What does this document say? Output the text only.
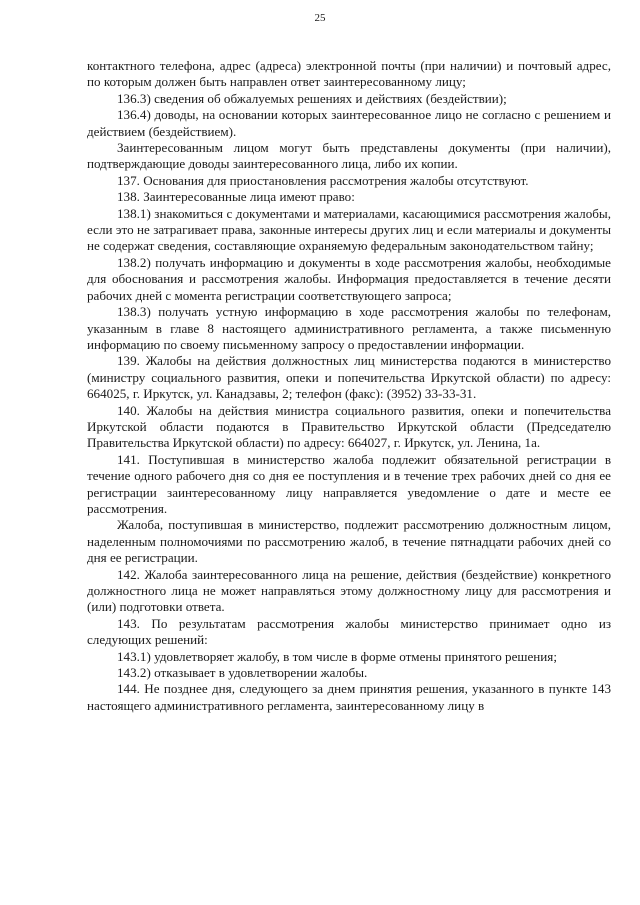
25

контактного телефона, адрес (адреса) электронной почты (при наличии) и почтовый адрес, по которым должен быть направлен ответ заинтересованному лицу;

136.3) сведения об обжалуемых решениях и действиях (бездействии);

136.4) доводы, на основании которых заинтересованное лицо не согласно с решением и действием (бездействием).

Заинтересованным лицом могут быть представлены документы (при наличии), подтверждающие доводы заинтересованного лица, либо их копии.

137. Основания для приостановления рассмотрения жалобы отсутствуют.

138. Заинтересованные лица имеют право:

138.1) знакомиться с документами и материалами, касающимися рассмотрения жалобы, если это не затрагивает права, законные интересы других лиц и если материалы и документы не содержат сведения, составляющие охраняемую федеральным законодательством тайну;

138.2) получать информацию и документы в ходе рассмотрения жалобы, необходимые для обоснования и рассмотрения жалобы. Информация предоставляется в течение десяти рабочих дней с момента регистрации соответствующего запроса;

138.3) получать устную информацию в ходе рассмотрения жалобы по телефонам, указанным в главе 8 настоящего административного регламента, а также письменную информацию по своему письменному запросу о предоставлении информации.

139. Жалобы на действия должностных лиц министерства подаются в министерство (министру социального развития, опеки и попечительства Иркутской области) по адресу: 664025, г. Иркутск, ул. Канадзавы, 2; телефон (факс): (3952) 33-33-31.

140. Жалобы на действия министра социального развития, опеки и попечительства Иркутской области подаются в Правительство Иркутской области (Председателю Правительства Иркутской области) по адресу: 664027, г. Иркутск, ул. Ленина, 1а.

141. Поступившая в министерство жалоба подлежит обязательной регистрации в течение одного рабочего дня со дня ее поступления и в течение трех рабочих дней со дня ее регистрации заинтересованному лицу направляется уведомление о дате и месте ее рассмотрения.

Жалоба, поступившая в министерство, подлежит рассмотрению должностным лицом, наделенным полномочиями по рассмотрению жалоб, в течение пятнадцати рабочих дней со дня ее регистрации.

142. Жалоба заинтересованного лица на решение, действия (бездействие) конкретного должностного лица не может направляться этому должностному лицу для рассмотрения и (или) подготовки ответа.

143. По результатам рассмотрения жалобы министерство принимает одно из следующих решений:

143.1) удовлетворяет жалобу, в том числе в форме отмены принятого решения;

143.2) отказывает в удовлетворении жалобы.

144. Не позднее дня, следующего за днем принятия решения, указанного в пункте 143 настоящего административного регламента, заинтересованному лицу в
